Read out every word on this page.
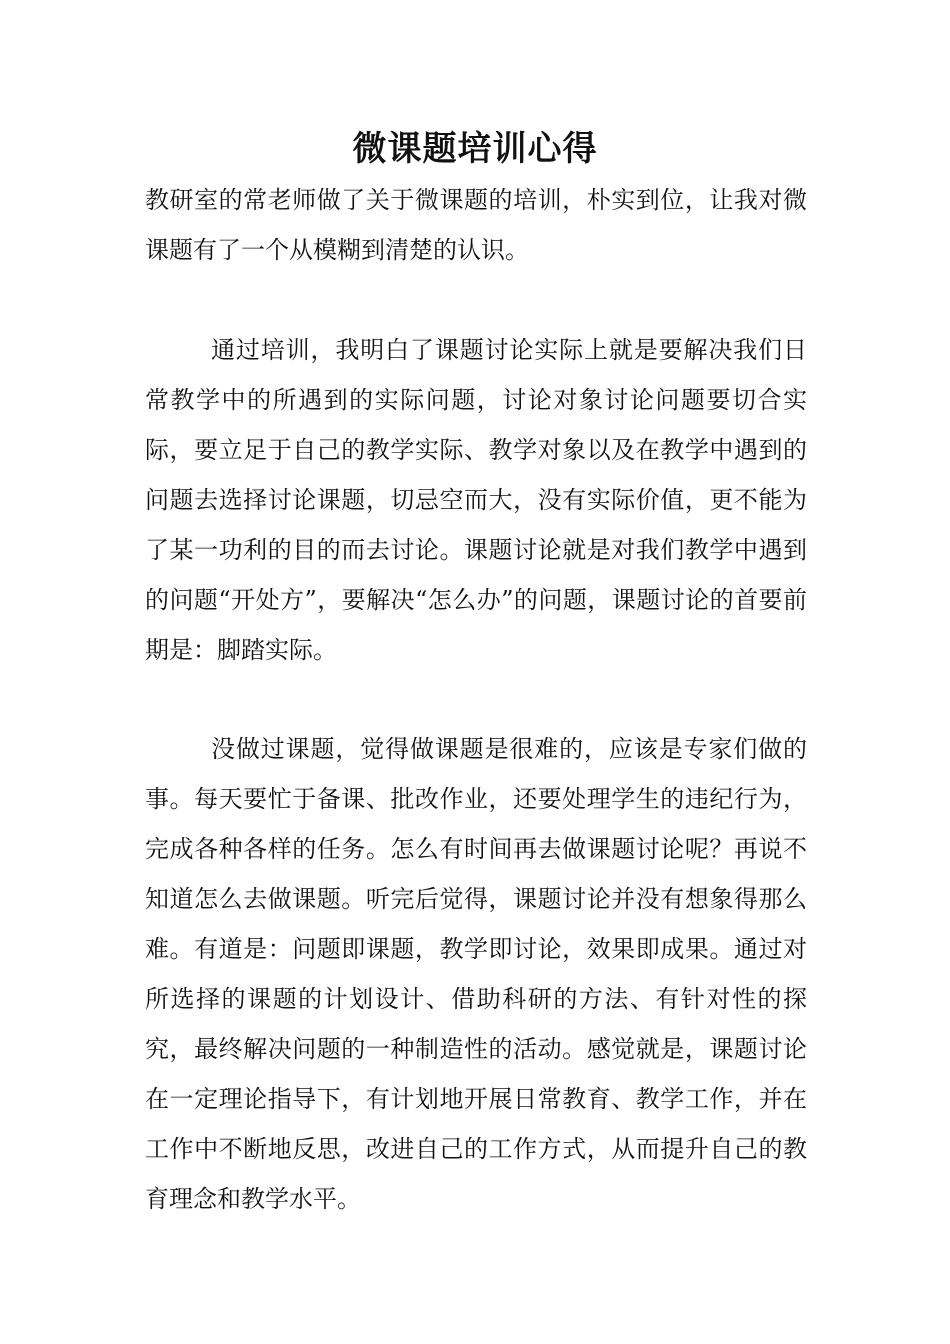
微课题培训心得

教研室的常老师做了关于微课题的培训，朴实到位，让我对微课题有了一个从模糊到清楚的认识。

通过培训，我明白了课题讨论实际上就是要解决我们日常教学中的所遇到的实际问题，讨论对象讨论问题要切合实际，要立足于自己的教学实际、教学对象以及在教学中遇到的问题去选择讨论课题，切忌空而大，没有实际价值，更不能为了某一功利的目的而去讨论。课题讨论就是对我们教学中遇到的问题“开处方”，要解决“怎么办”的问题，课题讨论的首要前期是：脚踏实际。

没做过课题，觉得做课题是很难的，应该是专家们做的事。每天要忙于备课、批改作业，还要处理学生的违纪行为，完成各种各样的任务。怎么有时间再去做课题讨论呢？再说不知道怎么去做课题。听完后觉得，课题讨论并没有想象得那么难。有道是：问题即课题，教学即讨论，效果即成果。通过对所选择的课题的计划设计、借助科研的方法、有针对性的探究，最终解决问题的一种制造性的活动。感觉就是，课题讨论在一定理论指导下，有计划地开展日常教育、教学工作，并在工作中不断地反思，改进自己的工作方式，从而提升自己的教育理念和教学水平。
